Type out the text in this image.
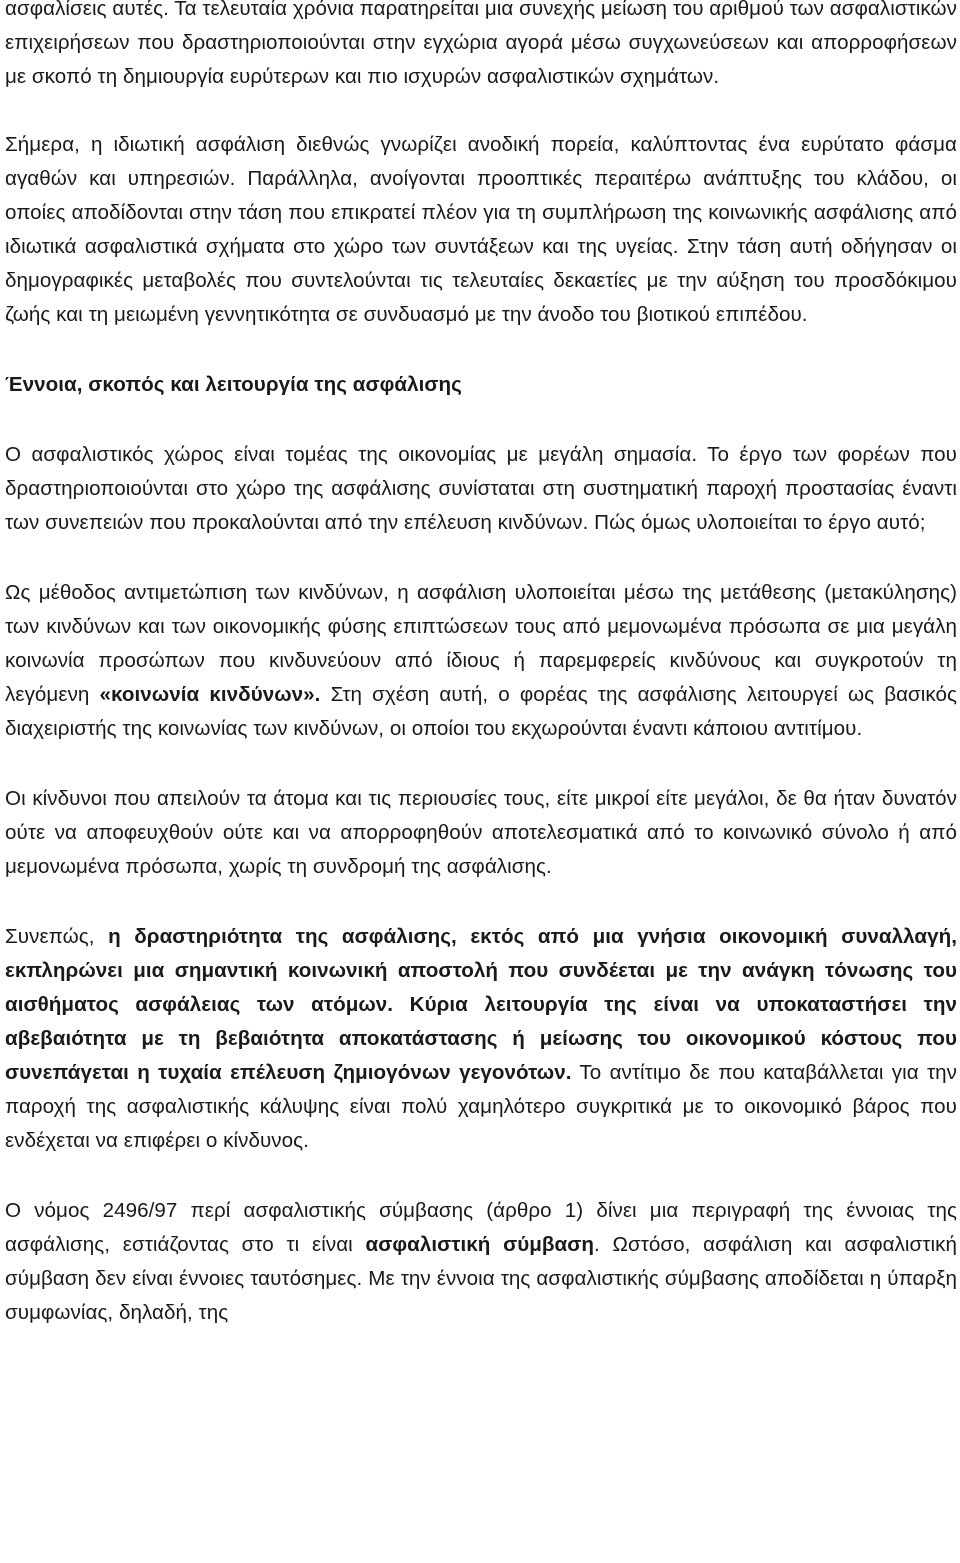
ασφαλίσεις αυτές. Τα τελευταία χρόνια παρατηρείται μια συνεχής μείωση του αριθμού των ασφαλιστικών επιχειρήσεων που δραστηριοποιούνται στην εγχώρια αγορά μέσω συγχωνεύσεων και απορροφήσεων με σκοπό τη δημιουργία ευρύτερων και πιο ισχυρών ασφαλιστικών σχημάτων.

Σήμερα, η ιδιωτική ασφάλιση διεθνώς γνωρίζει ανοδική πορεία, καλύπτοντας ένα ευρύτατο φάσμα αγαθών και υπηρεσιών. Παράλληλα, ανοίγονται προοπτικές περαιτέρω ανάπτυξης του κλάδου, οι οποίες αποδίδονται στην τάση που επικρατεί πλέον για τη συμπλήρωση της κοινωνικής ασφάλισης από ιδιωτικά ασφαλιστικά σχήματα στο χώρο των συντάξεων και της υγείας. Στην τάση αυτή οδήγησαν οι δημογραφικές μεταβολές που συντελούνται τις τελευταίες δεκαετίες με την αύξηση του προσδόκιμου ζωής και τη μειωμένη γεννητικότητα σε συνδυασμό με την άνοδο του βιοτικού επιπέδου.

Έννοια, σκοπός και λειτουργία της ασφάλισης

Ο ασφαλιστικός χώρος είναι τομέας της οικονομίας με μεγάλη σημασία. Το έργο των φορέων που δραστηριοποιούνται στο χώρο της ασφάλισης συνίσταται στη συστηματική παροχή προστασίας έναντι των συνεπειών που προκαλούνται από την επέλευση κινδύνων. Πώς όμως υλοποιείται το έργο αυτό;

Ως μέθοδος αντιμετώπιση των κινδύνων, η ασφάλιση υλοποιείται μέσω της μετάθεσης (μετακύλησης) των κινδύνων και των οικονομικής φύσης επιπτώσεων τους από μεμονωμένα πρόσωπα σε μια μεγάλη κοινωνία προσώπων που κινδυνεύουν από ίδιους ή παρεμφερείς κινδύνους και συγκροτούν τη λεγόμενη «κοινωνία κινδύνων». Στη σχέση αυτή, ο φορέας της ασφάλισης λειτουργεί ως βασικός διαχειριστής της κοινωνίας των κινδύνων, οι οποίοι του εκχωρούνται έναντι κάποιου αντιτίμου.

Οι κίνδυνοι που απειλούν τα άτομα και τις περιουσίες τους, είτε μικροί είτε μεγάλοι, δε θα ήταν δυνατόν ούτε να αποφευχθούν ούτε και να απορροφηθούν αποτελεσματικά από το κοινωνικό σύνολο ή από μεμονωμένα πρόσωπα, χωρίς τη συνδρομή της ασφάλισης.

Συνεπώς, η δραστηριότητα της ασφάλισης, εκτός από μια γνήσια οικονομική συναλλαγή, εκπληρώνει μια σημαντική κοινωνική αποστολή που συνδέεται με την ανάγκη τόνωσης του αισθήματος ασφάλειας των ατόμων. Κύρια λειτουργία της είναι να υποκαταστήσει την αβεβαιότητα με τη βεβαιότητα αποκατάστασης ή μείωσης του οικονομικού κόστους που συνεπάγεται η τυχαία επέλευση ζημιογόνων γεγονότων. Το αντίτιμο δε που καταβάλλεται για την παροχή της ασφαλιστικής κάλυψης είναι πολύ χαμηλότερο συγκριτικά με το οικονομικό βάρος που ενδέχεται να επιφέρει ο κίνδυνος.

Ο νόμος 2496/97 περί ασφαλιστικής σύμβασης (άρθρο 1) δίνει μια περιγραφή της έννοιας της ασφάλισης, εστιάζοντας στο τι είναι ασφαλιστική σύμβαση. Ωστόσο, ασφάλιση και ασφαλιστική σύμβαση δεν είναι έννοιες ταυτόσημες. Με την έννοια της ασφαλιστικής σύμβασης αποδίδεται η ύπαρξη συμφωνίας, δηλαδή, της
